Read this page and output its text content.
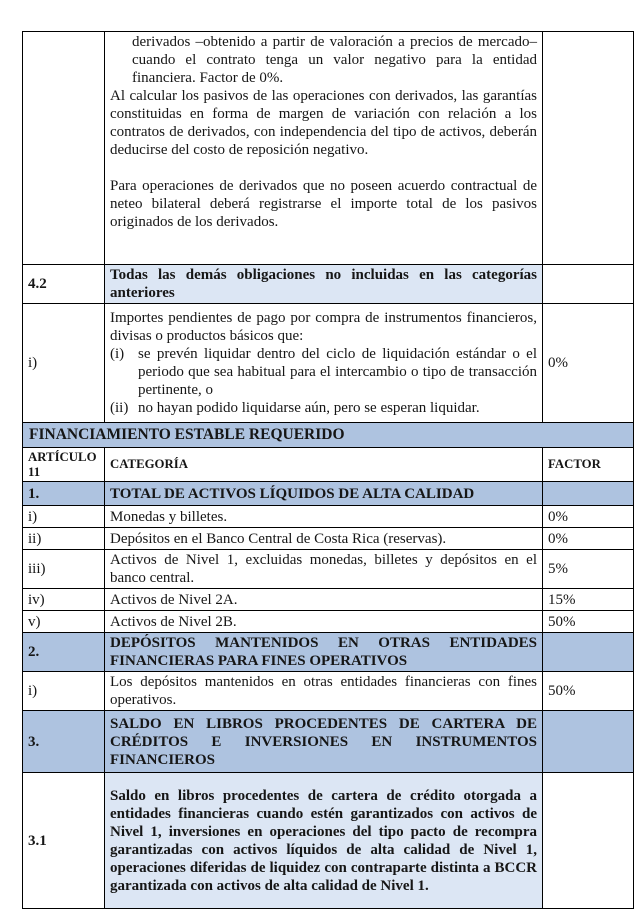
	derivados –obtenido a partir de valoración a precios de mercado– cuando el contrato tenga un valor negativo para la entidad financiera. Factor de 0%.
Al calcular los pasivos de las operaciones con derivados, las garantías constituidas en forma de margen de variación con relación a los contratos de derivados, con independencia del tipo de activos, deberán deducirse del costo de reposición negativo.
Para operaciones de derivados que no poseen acuerdo contractual de neteo bilateral deberá registrarse el importe total de los pasivos originados de los derivados.	

4.2	Todas las demás obligaciones no incluidas en las categorías anteriores	
i)	Importes pendientes de pago por compra de instrumentos financieros, divisas o productos básicos que:
(i) se prevén liquidar dentro del ciclo de liquidación estándar o el periodo que sea habitual para el intercambio o tipo de transacción pertinente, o
(ii) no hayan podido liquidarse aún, pero se esperan liquidar.	0%
FINANCIAMIENTO ESTABLE REQUERIDO		
ARTÍCULO 11	CATEGORÍA	FACTOR
1.	TOTAL DE ACTIVOS LÍQUIDOS DE ALTA CALIDAD	
i)	Monedas y billetes.	0%
ii)	Depósitos en el Banco Central de Costa Rica (reservas).	0%
iii)	Activos de Nivel 1, excluidas monedas, billetes y depósitos en el banco central.	5%
iv)	Activos de Nivel 2A.	15%
v)	Activos de Nivel 2B.	50%
2.	DEPÓSITOS MANTENIDOS EN OTRAS ENTIDADES FINANCIERAS PARA FINES OPERATIVOS	
i)	Los depósitos mantenidos en otras entidades financieras con fines operativos.	50%
3.	SALDO EN LIBROS PROCEDENTES DE CARTERA DE CRÉDITOS E INVERSIONES EN INSTRUMENTOS FINANCIEROS	
3.1	Saldo en libros procedentes de cartera de crédito otorgada a entidades financieras cuando estén garantizados con activos de Nivel 1, inversiones en operaciones del tipo pacto de recompra garantizadas con activos líquidos de alta calidad de Nivel 1, operaciones diferidas de liquidez con contraparte distinta a BCCR garantizada con activos de alta calidad de Nivel 1.	
